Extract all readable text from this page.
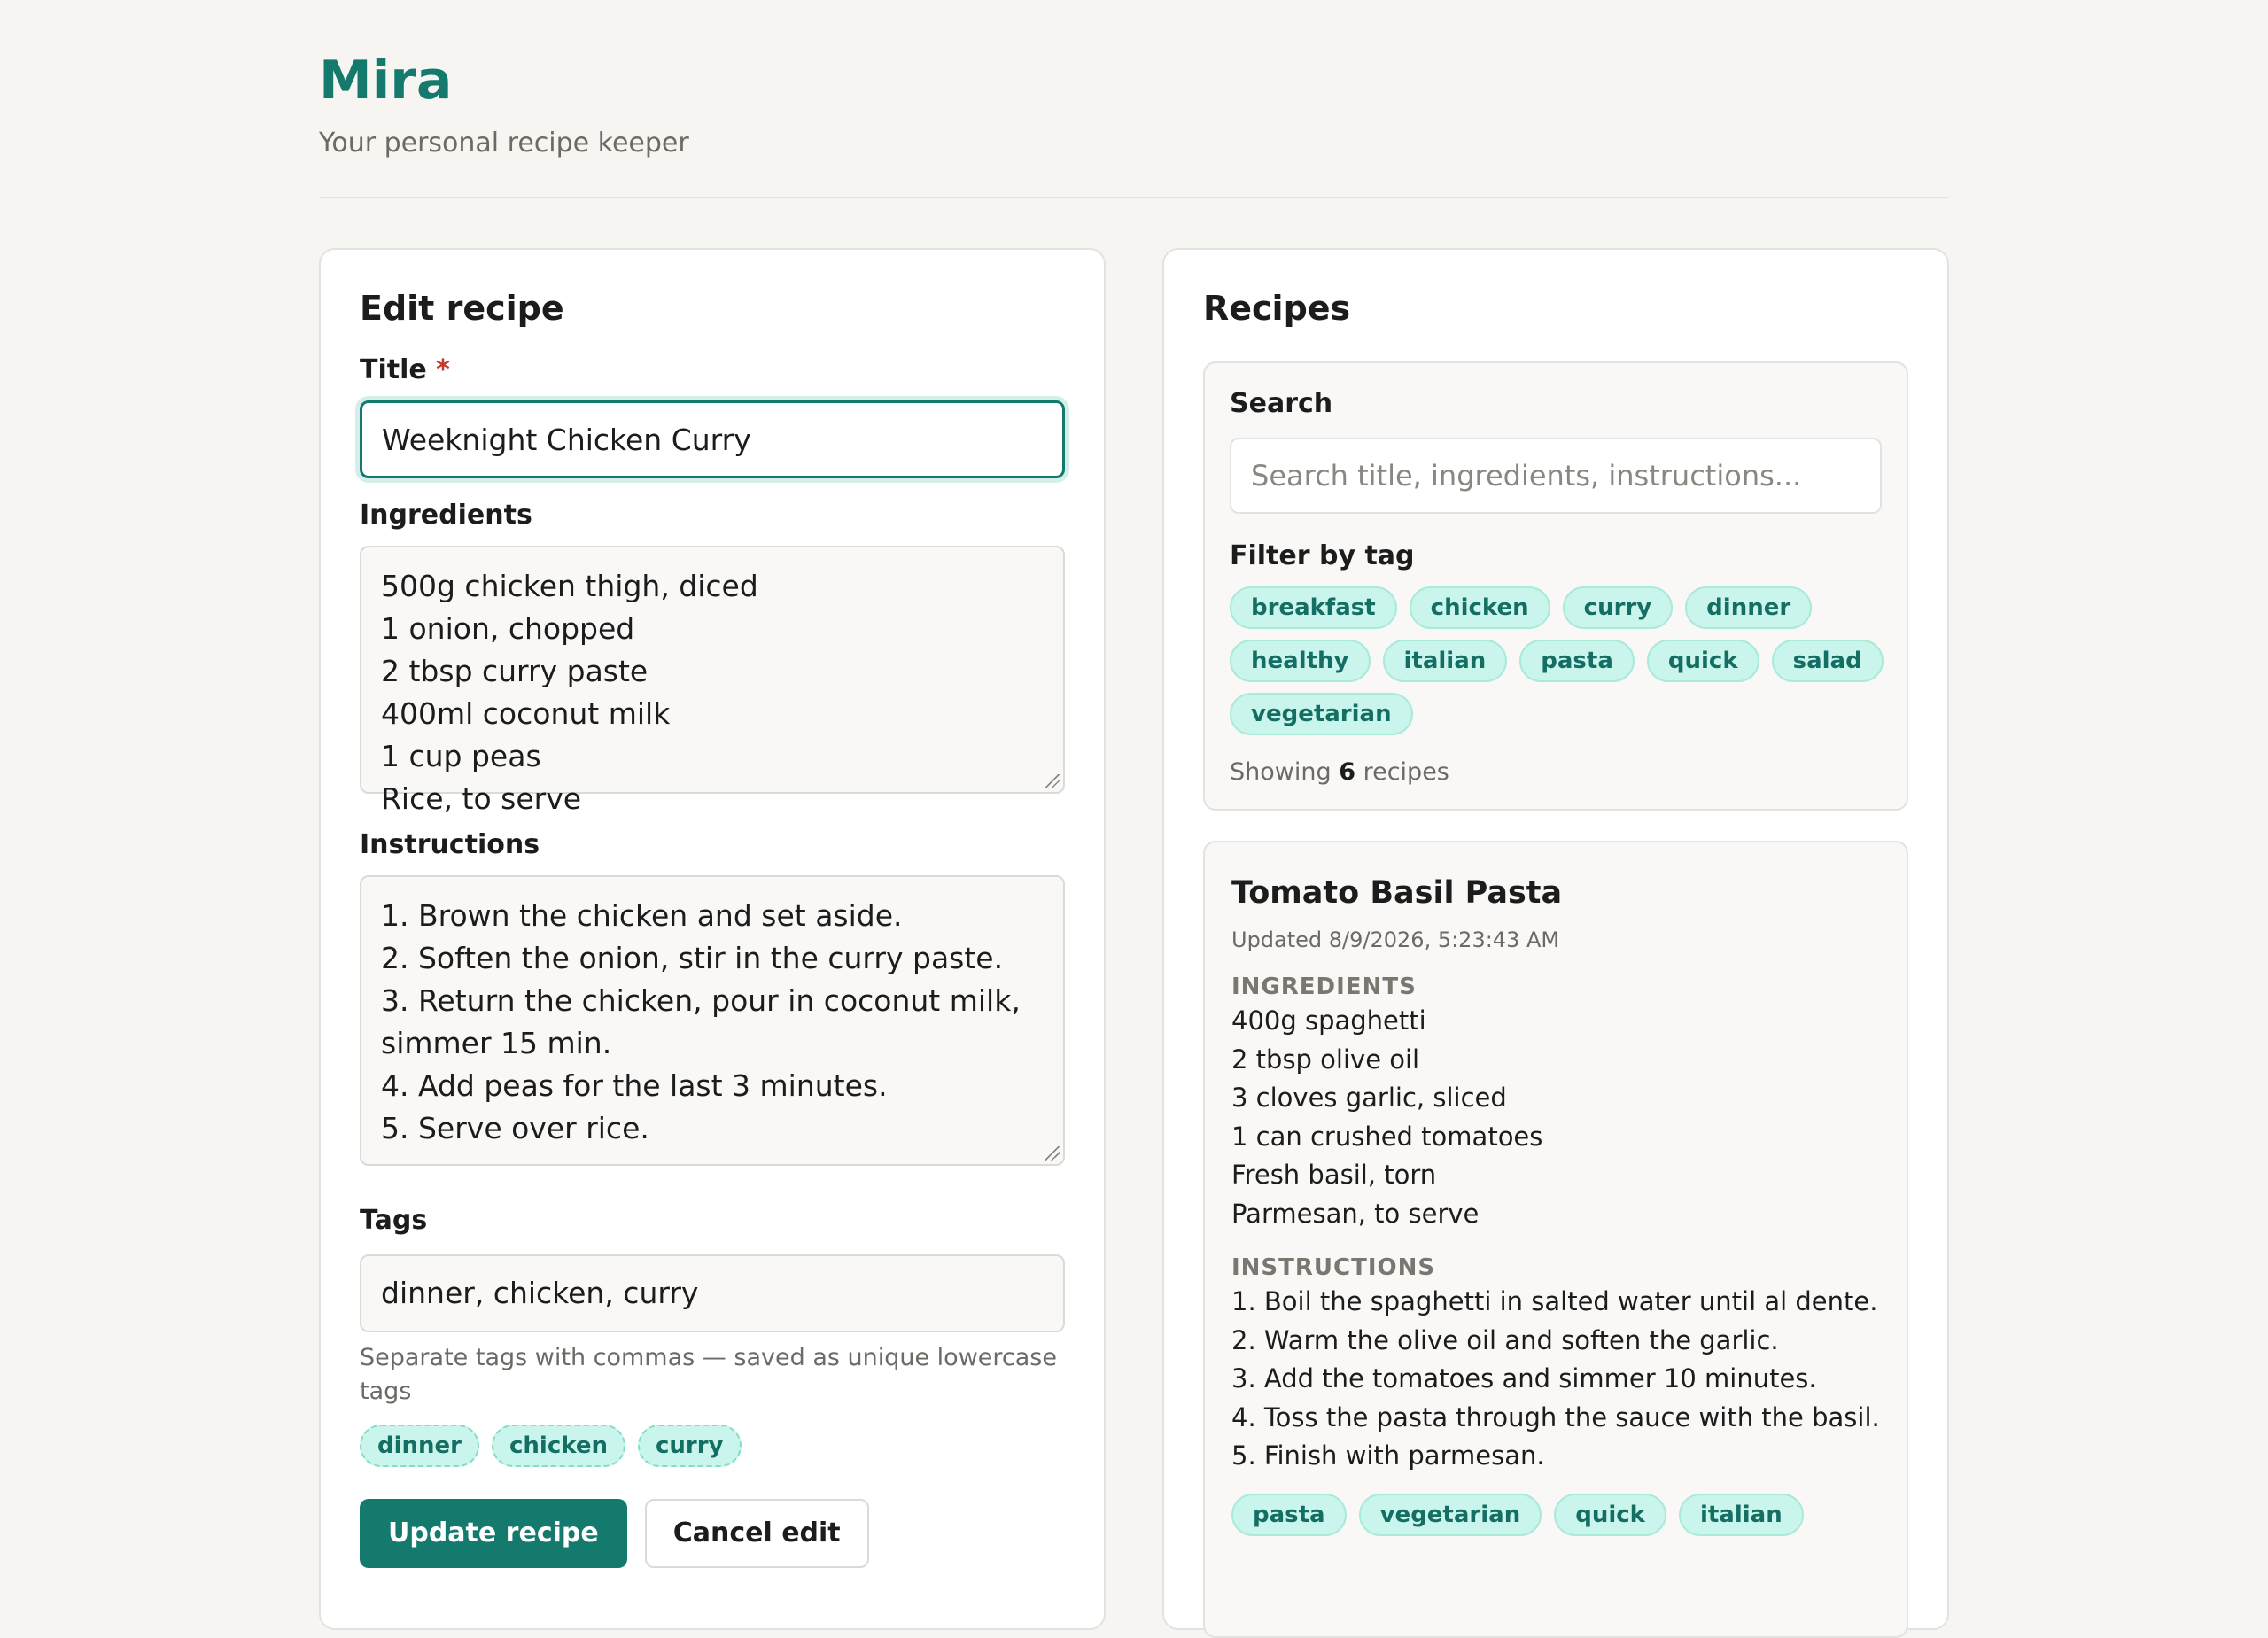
Mira
Your personal recipe keeper
Edit recipe
Title *
Weeknight Chicken Curry
Ingredients
500g chicken thigh, diced
1 onion, chopped
2 tbsp curry paste
400ml coconut milk
1 cup peas
Rice, to serve
Instructions
1. Brown the chicken and set aside.
2. Soften the onion, stir in the curry paste.
3. Return the chicken, pour in coconut milk,
simmer 15 min.
4. Add peas for the last 3 minutes.
5. Serve over rice.
Tags
dinner, chicken, curry
Separate tags with commas — saved as unique lowercase tags
dinner	chicken	curry
Update recipe	Cancel edit
Recipes
Search
Search title, ingredients, instructions...
Filter by tag
breakfast	chicken	curry	dinner
healthy	italian	pasta	quick	salad
vegetarian
Showing 6 recipes
Tomato Basil Pasta
Updated 8/9/2026, 5:23:43 AM
INGREDIENTS
400g spaghetti
2 tbsp olive oil
3 cloves garlic, sliced
1 can crushed tomatoes
Fresh basil, torn
Parmesan, to serve
INSTRUCTIONS
1. Boil the spaghetti in salted water until al dente.
2. Warm the olive oil and soften the garlic.
3. Add the tomatoes and simmer 10 minutes.
4. Toss the pasta through the sauce with the basil.
5. Finish with parmesan.
pasta	vegetarian	quick	italian
